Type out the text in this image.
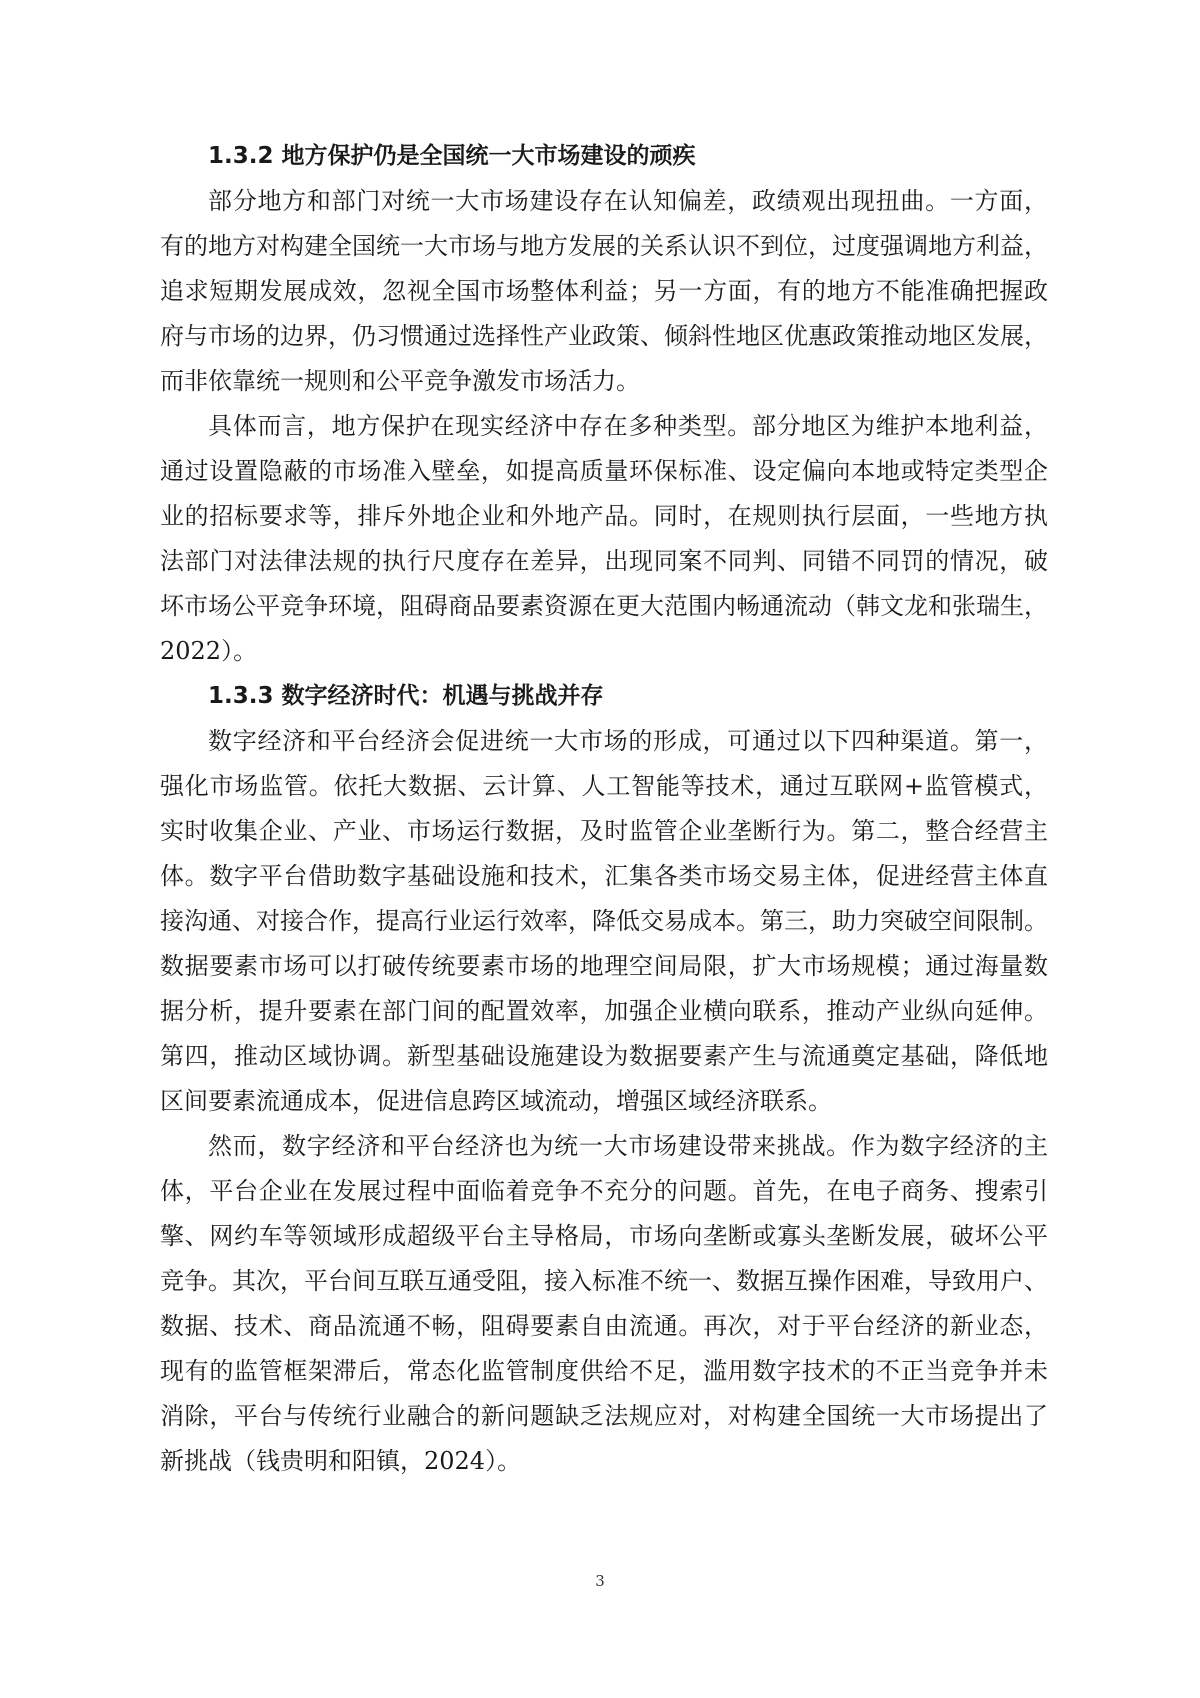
1.3.2 地方保护仍是全国统一大市场建设的顽疾
部分地方和部门对统一大市场建设存在认知偏差，政绩观出现扭曲。一方面，
有的地方对构建全国统一大市场与地方发展的关系认识不到位，过度强调地方利益，
追求短期发展成效，忽视全国市场整体利益；另一方面，有的地方不能准确把握政
府与市场的边界，仍习惯通过选择性产业政策、倾斜性地区优惠政策推动地区发展，
而非依靠统一规则和公平竞争激发市场活力。
具体而言，地方保护在现实经济中存在多种类型。部分地区为维护本地利益，
通过设置隐蔽的市场准入壁垒，如提高质量环保标准、设定偏向本地或特定类型企
业的招标要求等，排斥外地企业和外地产品。同时，在规则执行层面，一些地方执
法部门对法律法规的执行尺度存在差异，出现同案不同判、同错不同罚的情况，破
坏市场公平竞争环境，阻碍商品要素资源在更大范围内畅通流动（韩文龙和张瑞生，
2022）。
1.3.3 数字经济时代：机遇与挑战并存
数字经济和平台经济会促进统一大市场的形成，可通过以下四种渠道。第一，
强化市场监管。依托大数据、云计算、人工智能等技术，通过互联网+监管模式，
实时收集企业、产业、市场运行数据，及时监管企业垄断行为。第二，整合经营主
体。数字平台借助数字基础设施和技术，汇集各类市场交易主体，促进经营主体直
接沟通、对接合作，提高行业运行效率，降低交易成本。第三，助力突破空间限制。
数据要素市场可以打破传统要素市场的地理空间局限，扩大市场规模；通过海量数
据分析，提升要素在部门间的配置效率，加强企业横向联系，推动产业纵向延伸。
第四，推动区域协调。新型基础设施建设为数据要素产生与流通奠定基础，降低地
区间要素流通成本，促进信息跨区域流动，增强区域经济联系。
然而，数字经济和平台经济也为统一大市场建设带来挑战。作为数字经济的主
体，平台企业在发展过程中面临着竞争不充分的问题。首先，在电子商务、搜索引
擎、网约车等领域形成超级平台主导格局，市场向垄断或寡头垄断发展，破坏公平
竞争。其次，平台间互联互通受阻，接入标准不统一、数据互操作困难，导致用户、
数据、技术、商品流通不畅，阻碍要素自由流通。再次，对于平台经济的新业态，
现有的监管框架滞后，常态化监管制度供给不足，滥用数字技术的不正当竞争并未
消除，平台与传统行业融合的新问题缺乏法规应对，对构建全国统一大市场提出了
新挑战（钱贵明和阳镇，2024）。
3
